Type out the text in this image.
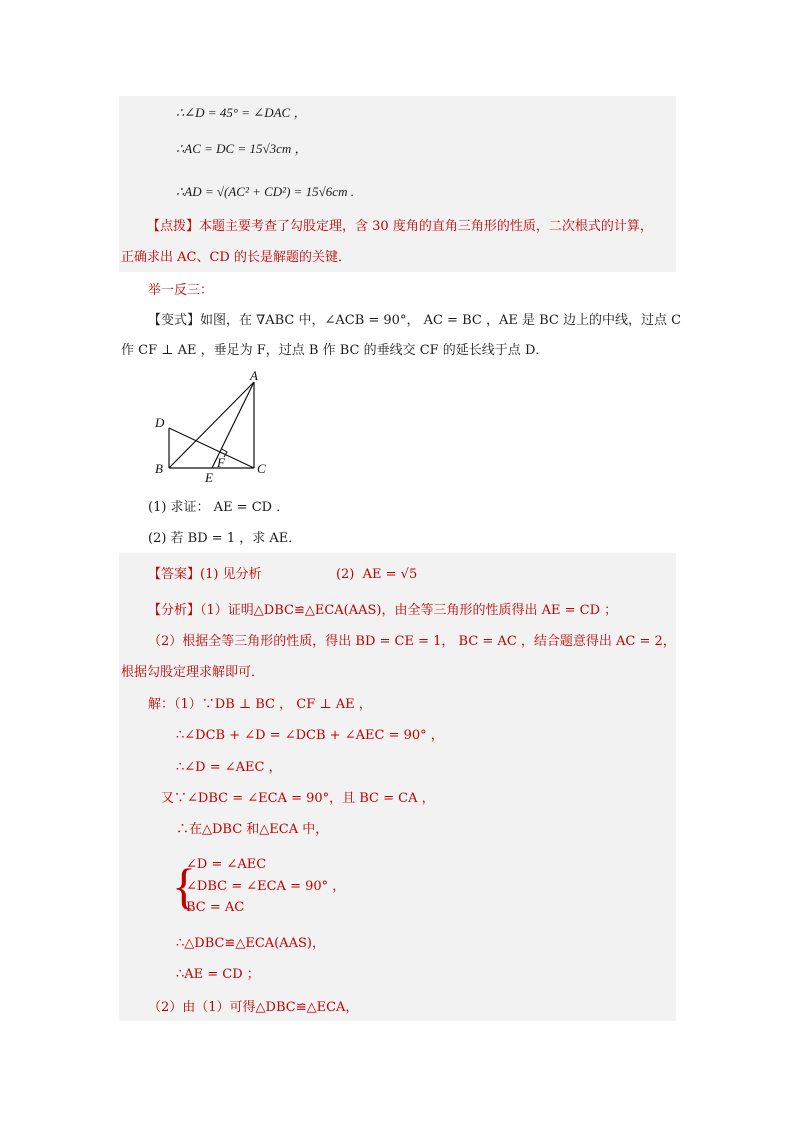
∴∠D = 45° = ∠DAC ，
∴AC = DC = 15√3cm ，
∴AD = √(AC² + CD²) = 15√6cm .
【点拨】本题主要考查了勾股定理，含 30 度角的直角三角形的性质，二次根式的计算，
正确求出 AC、CD 的长是解题的关键．
举一反三：
【变式】如图，在 ∇ABC 中，∠ACB = 90°， AC = BC ，AE 是 BC 边上的中线，过点 C
作 CF ⊥ AE ，垂足为 F，过点 B 作 BC 的垂线交 CF 的延长线于点 D．
A
D
B	C
E
F
(1) 求证： AE = CD ．
(2) 若 BD = 1 ，求 AE．
【答案】(1) 见分析                  (2)  AE = √5
【分析】（1）证明△DBC≌△ECA(AAS)，由全等三角形的性质得出 AE = CD ；
（2）根据全等三角形的性质，得出 BD = CE = 1， BC = AC ，结合题意得出 AC = 2，
根据勾股定理求解即可．
解：（1）∵DB ⊥ BC ， CF ⊥ AE ，
∴∠DCB + ∠D = ∠DCB + ∠AEC = 90° ，
∴∠D = ∠AEC ，
又∵∠DBC = ∠ECA = 90°，且 BC = CA ，
∴在△DBC 和△ECA 中，
{
∠D = ∠AEC
∠DBC = ∠ECA = 90° ，
BC = AC
∴△DBC≌△ECA(AAS)，
∴AE = CD ；
（2）由（1）可得△DBC≌△ECA，
